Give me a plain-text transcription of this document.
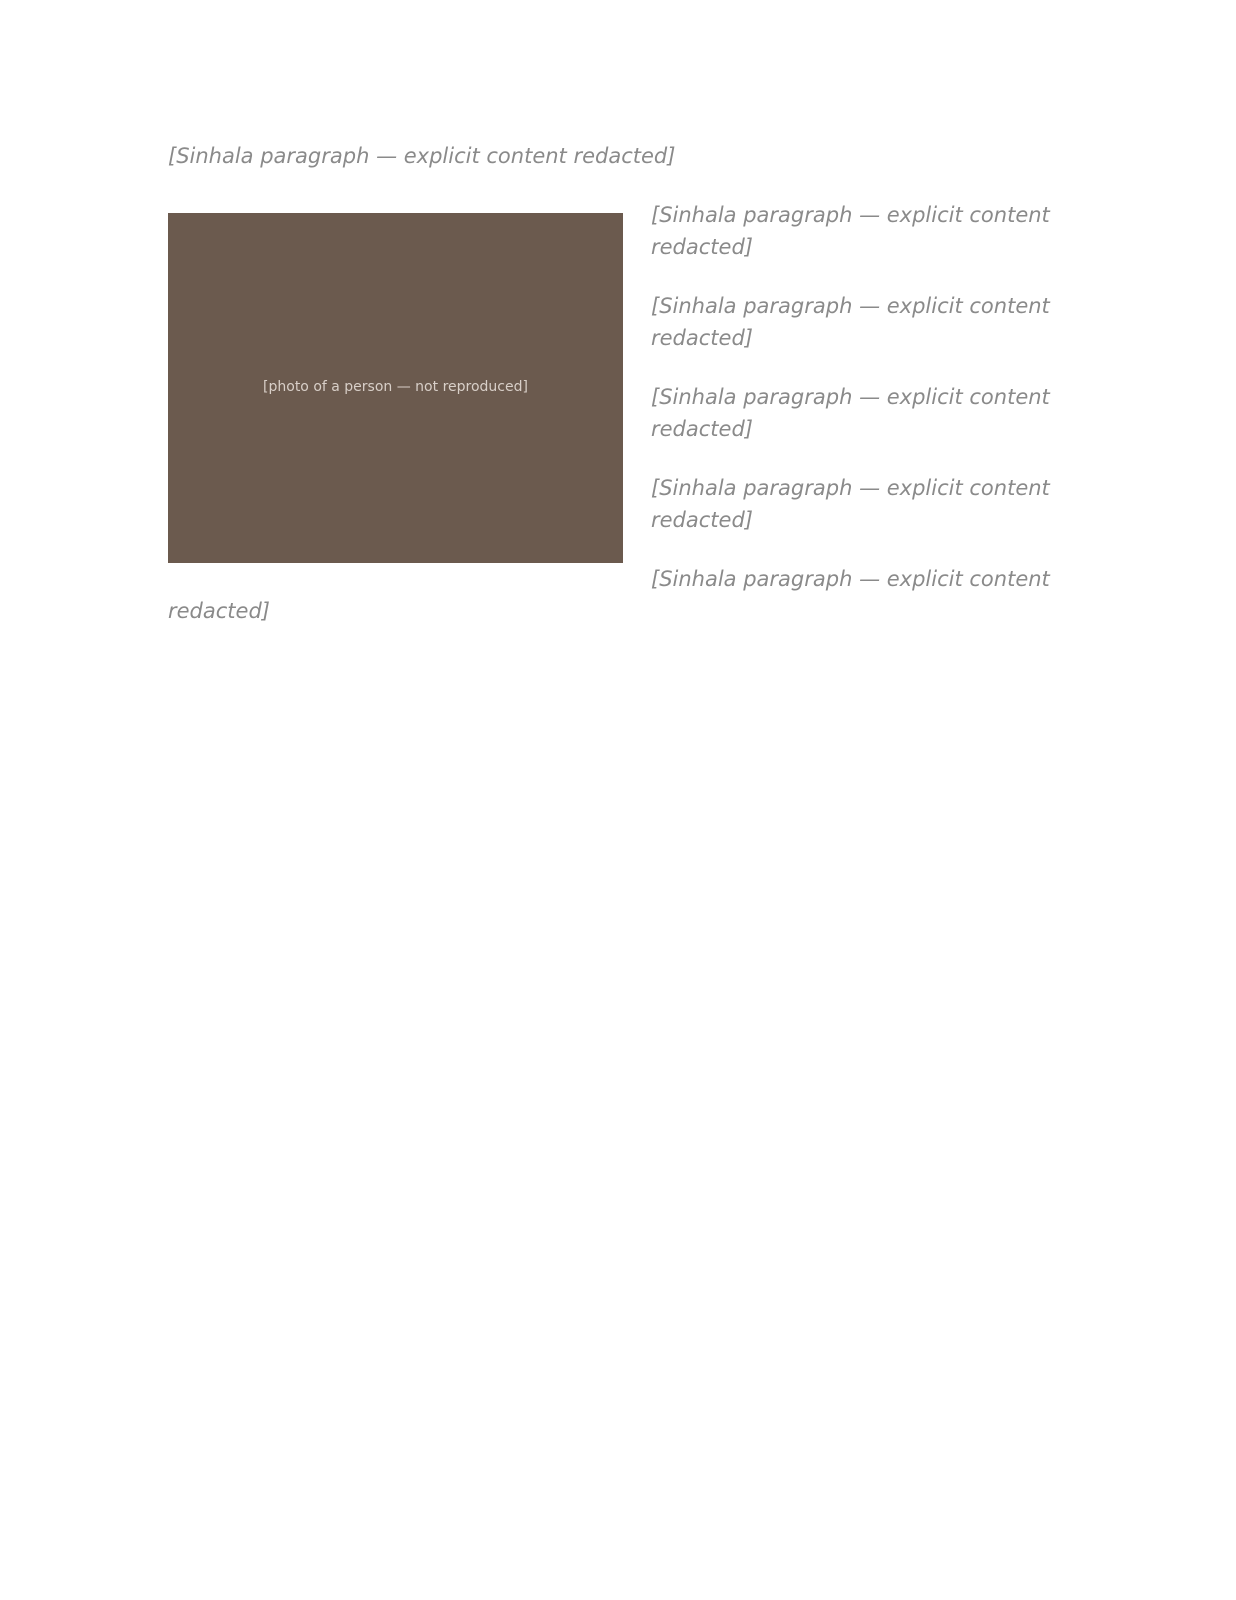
[Sinhala paragraph — explicit content redacted]

[photo of a person — not reproduced]

[Sinhala paragraph — explicit content redacted]

[Sinhala paragraph — explicit content redacted]

[Sinhala paragraph — explicit content redacted]

[Sinhala paragraph — explicit content redacted]

[Sinhala paragraph — explicit content redacted]
